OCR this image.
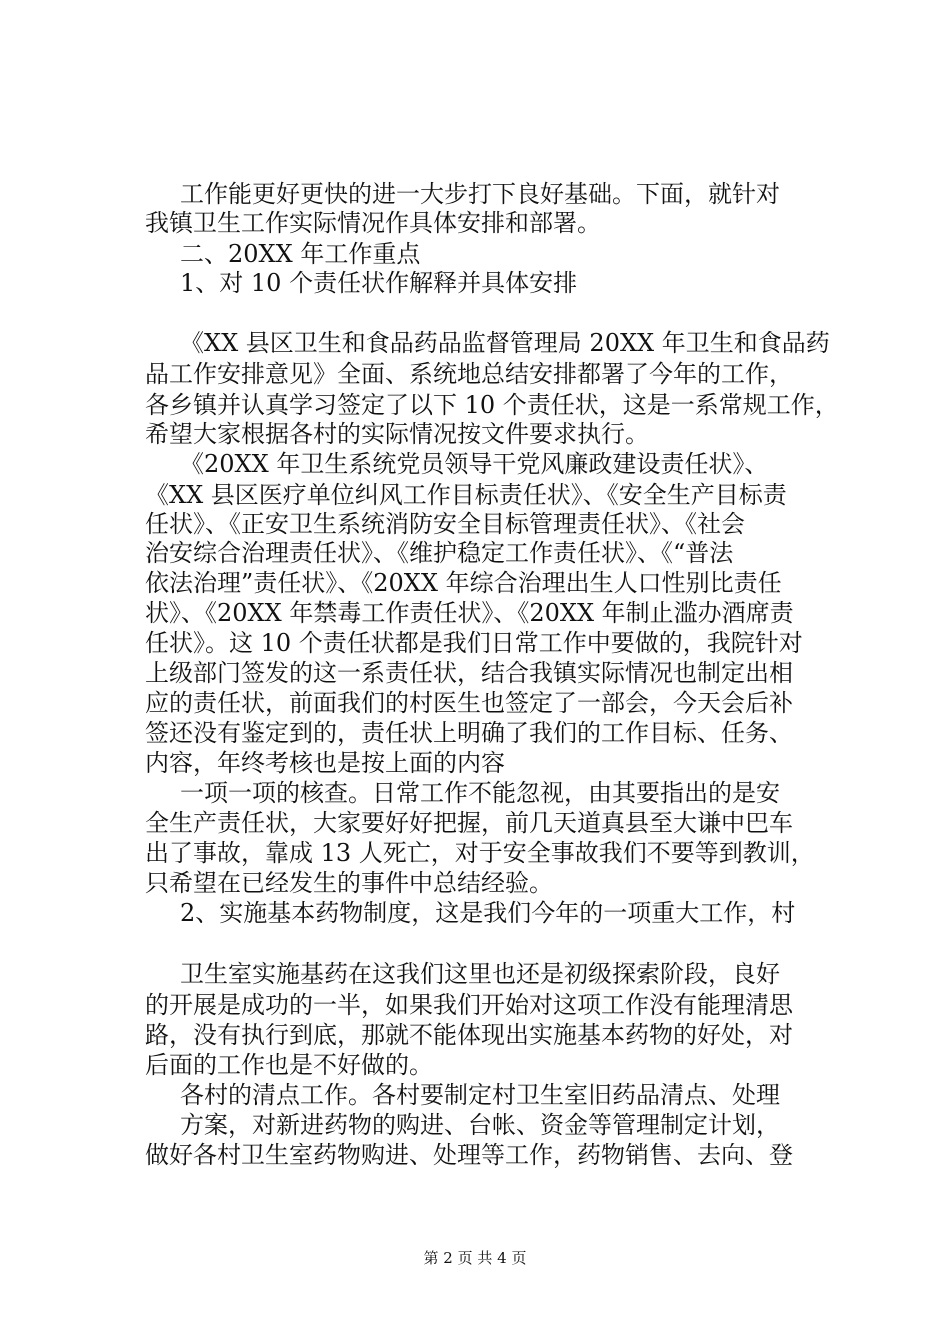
工作能更好更快的进一大步打下良好基础。下面，就针对
我镇卫生工作实际情况作具体安排和部署。
二、20XX 年工作重点
1、对 10 个责任状作解释并具体安排
《XX 县区卫生和食品药品监督管理局 20XX 年卫生和食品药
品工作安排意见》全面、系统地总结安排都署了今年的工作，
各乡镇并认真学习签定了以下 10 个责任状，这是一系常规工作，
希望大家根据各村的实际情况按文件要求执行。
《20XX 年卫生系统党员领导干党风廉政建设责任状》、
《XX 县区医疗单位纠风工作目标责任状》、《安全生产目标责
任状》、《正安卫生系统消防安全目标管理责任状》、《社会
治安综合治理责任状》、《维护稳定工作责任状》、《“普法
依法治理”责任状》、《20XX 年综合治理出生人口性别比责任
状》、《20XX 年禁毒工作责任状》、《20XX 年制止滥办酒席责
任状》。这 10 个责任状都是我们日常工作中要做的，我院针对
上级部门签发的这一系责任状，结合我镇实际情况也制定出相
应的责任状，前面我们的村医生也签定了一部会，今天会后补
签还没有鉴定到的，责任状上明确了我们的工作目标、任务、
内容，年终考核也是按上面的内容
一项一项的核查。日常工作不能忽视，由其要指出的是安
全生产责任状，大家要好好把握，前几天道真县至大谦中巴车
出了事故，靠成 13 人死亡，对于安全事故我们不要等到教训，
只希望在已经发生的事件中总结经验。
2、实施基本药物制度，这是我们今年的一项重大工作，村
卫生室实施基药在这我们这里也还是初级探索阶段，良好
的开展是成功的一半，如果我们开始对这项工作没有能理清思
路，没有执行到底，那就不能体现出实施基本药物的好处，对
后面的工作也是不好做的。
各村的清点工作。各村要制定村卫生室旧药品清点、处理
方案，对新进药物的购进、台帐、资金等管理制定计划，
做好各村卫生室药物购进、处理等工作，药物销售、去向、登
第 2 页 共 4 页
